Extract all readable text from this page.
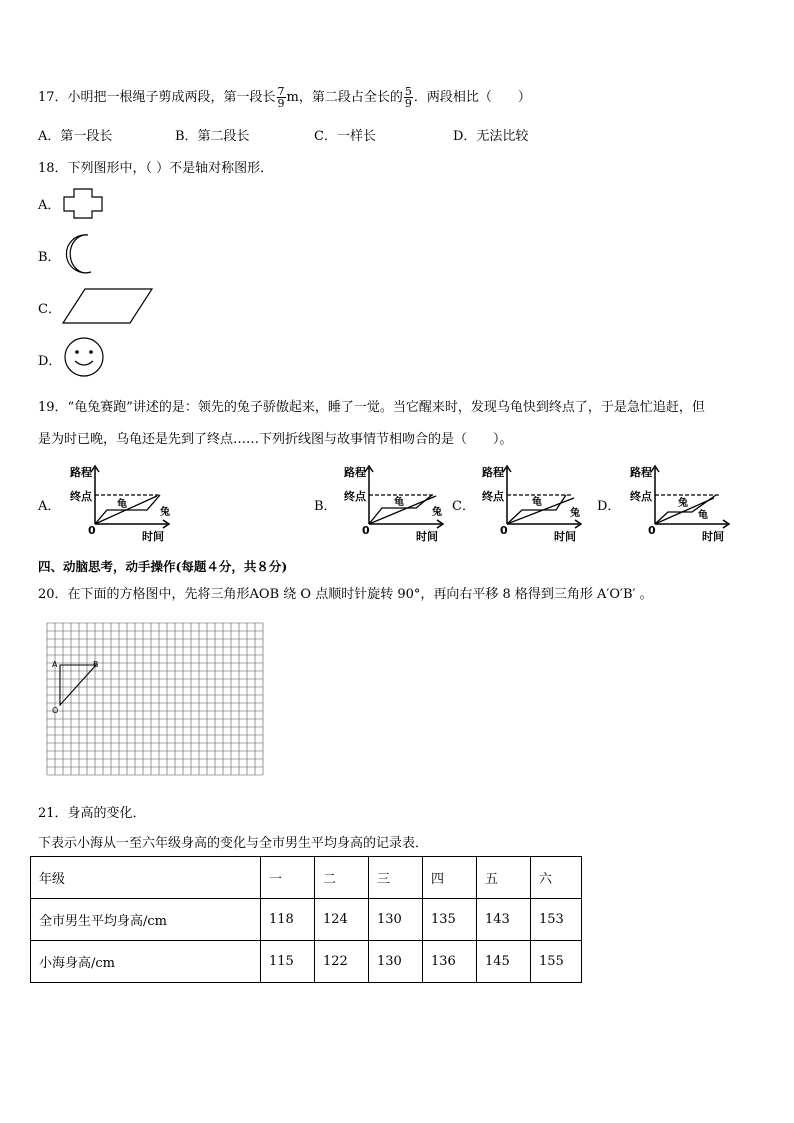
17．小明把一根绳子剪成两段，第一段长 $\frac{7}{9}$ m，第二段占全长的 $\frac{5}{9}$ ．两段相比（　　）
A．第一段长	B．第二段长	C．一样长	D．无法比较
18．下列图形中，（ ）不是轴对称图形．
A．
B．
C．
D．
19．“龟兔赛跑”讲述的是：领先的兔子骄傲起来，睡了一觉。当它醒来时，发现乌龟快到终点了，于是急忙追赶，但
是为时已晚，乌龟还是先到了终点……下列折线图与故事情节相吻合的是（　　）。
A．	B．	C．	D．
路程
终点
0	时间
龟
兔
路程
终点
0	时间
龟
兔
路程
终点
0	时间
龟
兔
路程
终点
0	时间
兔
龟
四、动脑思考，动手操作(每题４分，共８分)
20．在下面的方格图中，先将三角形AOB 绕 O 点顺时针旋转 90°，再向右平移 8 格得到三角形 A′O′B′ 。
A	B
O
21．身高的变化．
下表示小海从一至六年级身高的变化与全市男生平均身高的记录表．
年级	一	二	三	四	五	六
全市男生平均身高/cm	118	124	130	135	143	153
小海身高/cm	115	122	130	136	145	155
